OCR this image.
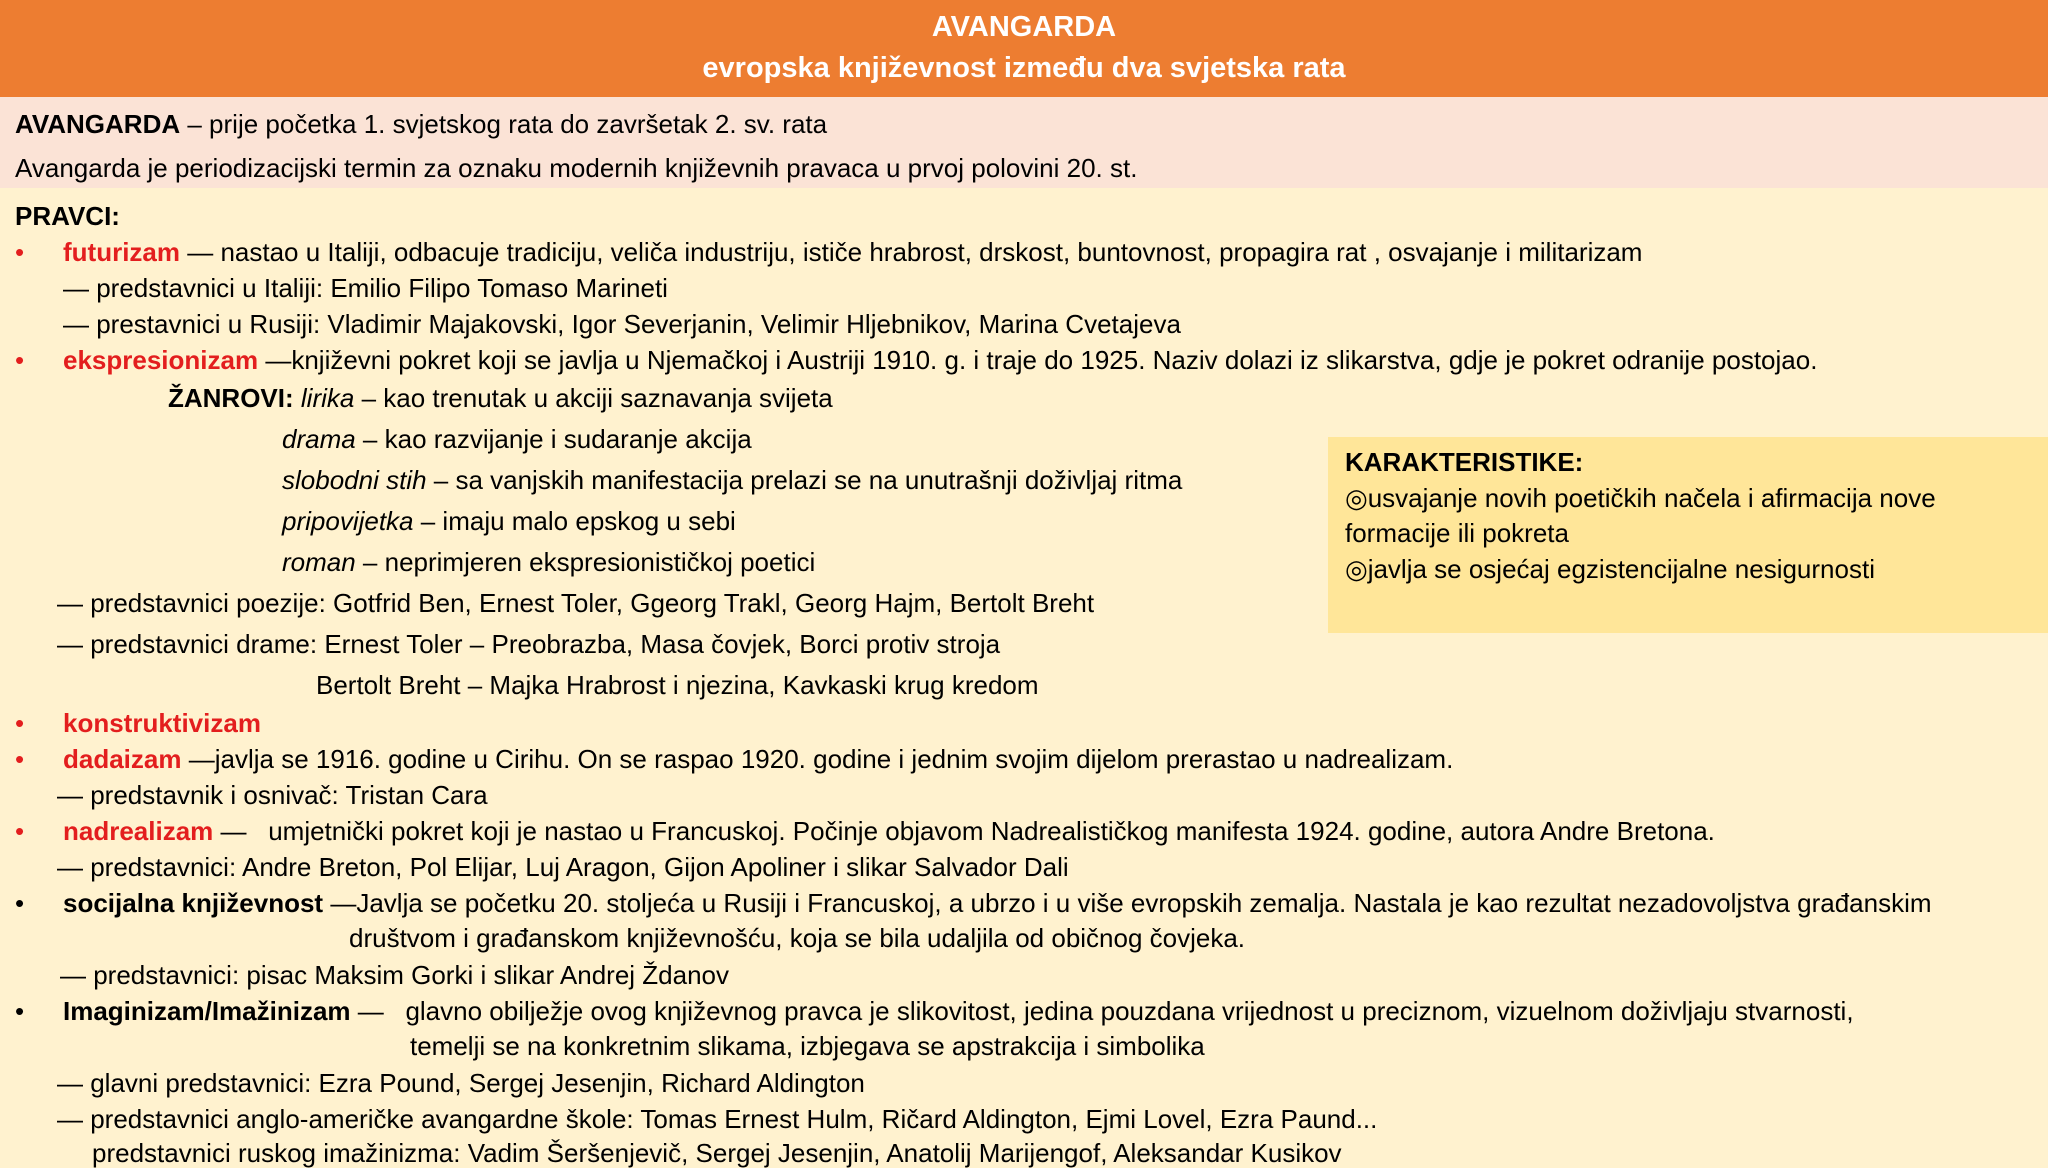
AVANGARDA
evropska književnost između dva svjetska rata
AVANGARDA – prije početka 1. svjetskog rata do završetak 2. sv. rata
Avangarda je periodizacijski termin za oznaku modernih književnih pravaca u prvoj polovini 20. st.
PRAVCI:
• futurizam — nastao u Italiji, odbacuje tradiciju, veliča industriju, ističe hrabrost, drskost, buntovnost, propagira rat , osvajanje i militarizam
— predstavnici u Italiji: Emilio Filipo Tomaso Marineti
— prestavnici u Rusiji: Vladimir Majakovski, Igor Severjanin, Velimir Hljebnikov, Marina Cvetajeva
• ekspresionizam —književni pokret koji se javlja u Njemačkoj i Austriji 1910. g. i traje do 1925. Naziv dolazi iz slikarstva, gdje je pokret odranije postojao.
ŽANROVI: lirika – kao trenutak u akciji saznavanja svijeta
drama – kao razvijanje i sudaranje akcija
slobodni stih – sa vanjskih manifestacija prelazi se na unutrašnji doživljaj ritma
pripovijetka – imaju malo epskog u sebi
roman – neprimjeren ekspresionističkoj poetici
— predstavnici poezije: Gotfrid Ben, Ernest Toler, Ggeorg Trakl, Georg Hajm, Bertolt Breht
— predstavnici drame: Ernest Toler – Preobrazba, Masa čovjek, Borci protiv stroja
Bertolt Breht – Majka Hrabrost i njezina, Kavkaski krug kredom
• konstruktivizam
• dadaizam —javlja se 1916. godine u Cirihu. On se raspao 1920. godine i jednim svojim dijelom prerastao u nadrealizam.
— predstavnik i osnivač: Tristan Cara
• nadrealizam — umjetnički pokret koji je nastao u Francuskoj. Počinje objavom Nadrealističkog manifesta 1924. godine, autora Andre Bretona.
— predstavnici: Andre Breton, Pol Elijar, Luj Aragon, Gijon Apoliner i slikar Salvador Dali
• socijalna književnost —Javlja se početku 20. stoljeća u Rusiji i Francuskoj, a ubrzo i u više evropskih zemalja. Nastala je kao rezultat nezadovoljstva građanskim
društvom i građanskom književnošću, koja se bila udaljila od običnog čovjeka.
— predstavnici: pisac Maksim Gorki i slikar Andrej Ždanov
• Imaginizam/Imažinizam — glavno obilježje ovog književnog pravca je slikovitost, jedina pouzdana vrijednost u preciznom, vizuelnom doživljaju stvarnosti,
temelji se na konkretnim slikama, izbjegava se apstrakcija i simbolika
— glavni predstavnici: Ezra Pound, Sergej Jesenjin, Richard Aldington
— predstavnici anglo-američke avangardne škole: Tomas Ernest Hulm, Ričard Aldington, Ejmi Lovel, Ezra Paund...
predstavnici ruskog imažinizma: Vadim Šeršenjevič, Sergej Jesenjin, Anatolij Marijengof, Aleksandar Kusikov
KARAKTERISTIKE:
◎usvajanje novih poetičkih načela i afirmacija nove
formacije ili pokreta
◎javlja se osjećaj egzistencijalne nesigurnosti
